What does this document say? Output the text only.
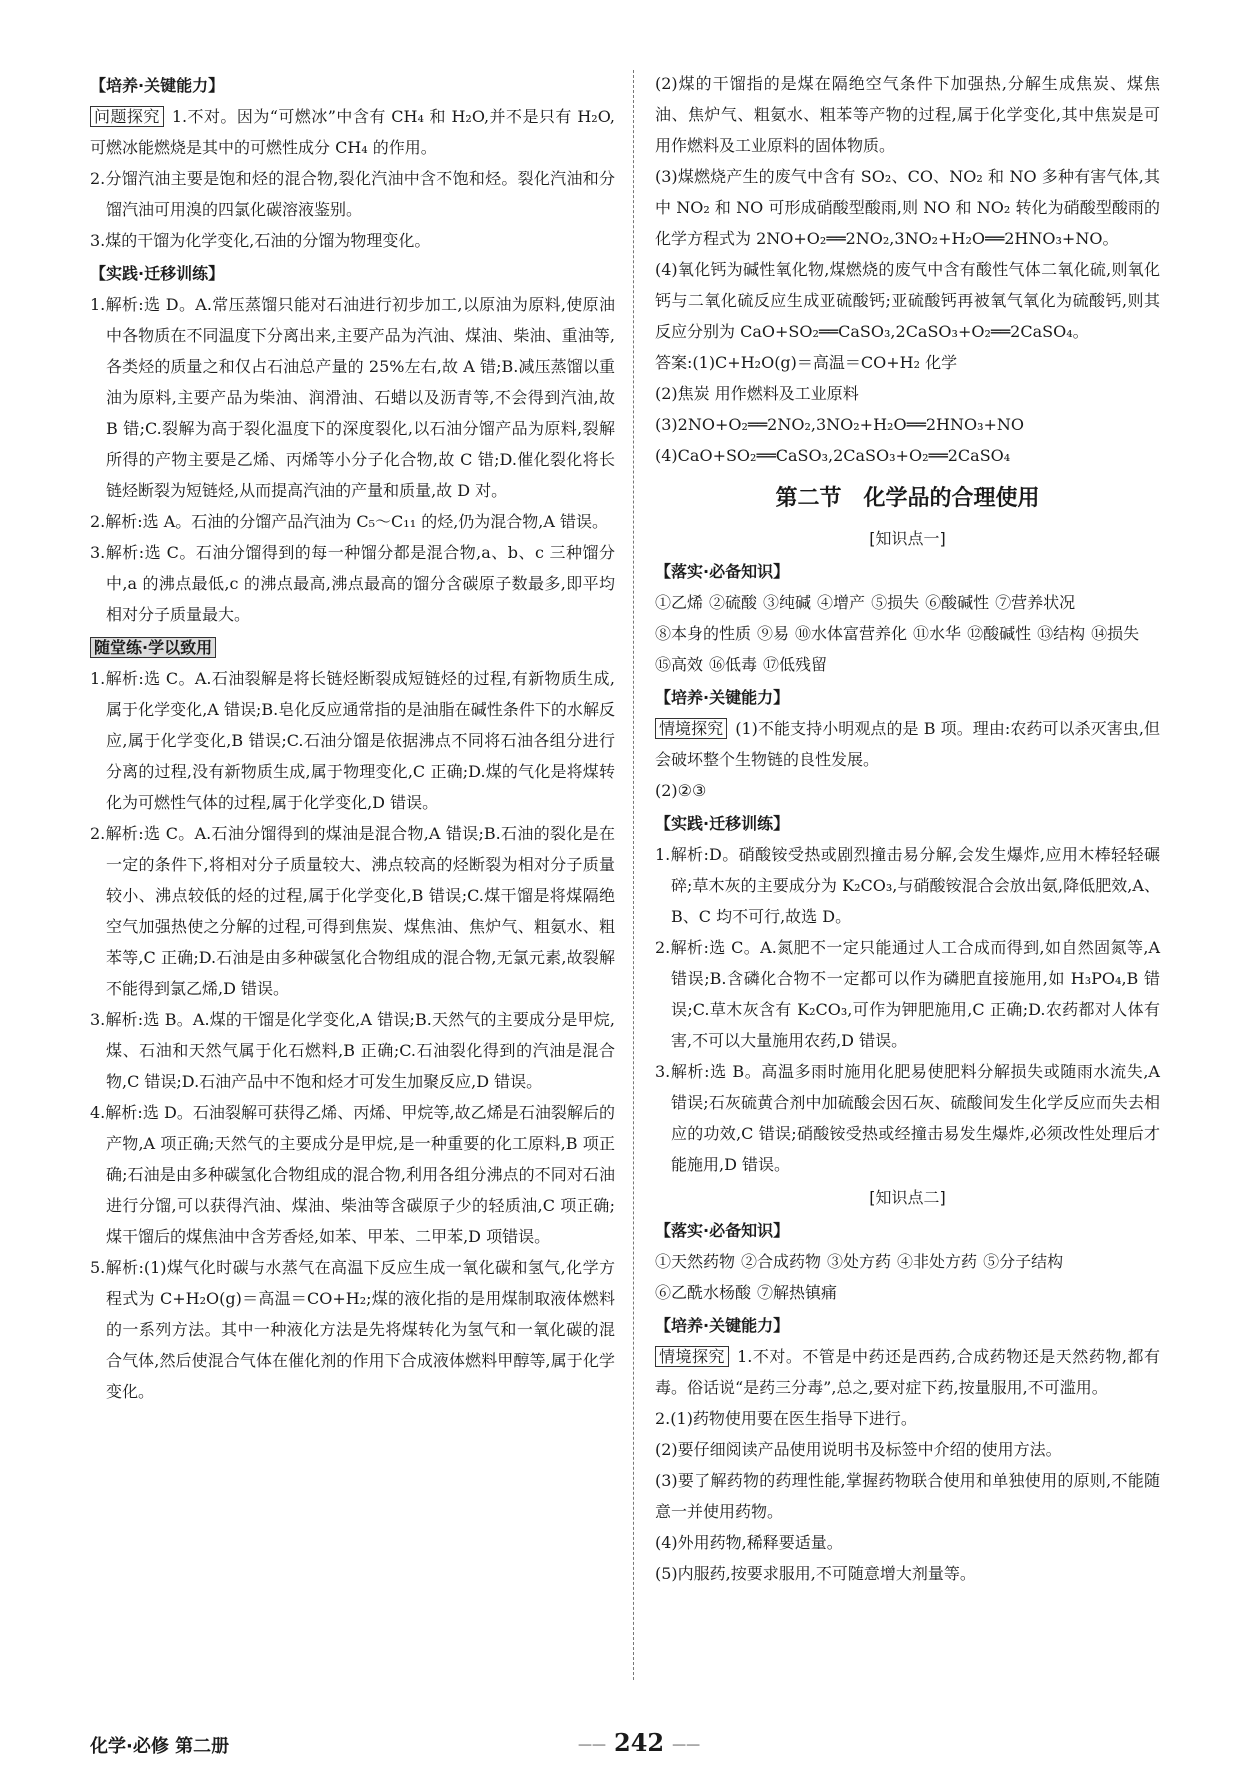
【培养·关键能力】

问题探究 1.不对。因为“可燃冰”中含有 CH₄ 和 H₂O,并不是只有 H₂O,可燃冰能燃烧是其中的可燃性成分 CH₄ 的作用。

2.分馏汽油主要是饱和烃的混合物,裂化汽油中含不饱和烃。裂化汽油和分馏汽油可用溴的四氯化碳溶液鉴别。

3.煤的干馏为化学变化,石油的分馏为物理变化。

【实践·迁移训练】

1.解析:选 D。A.常压蒸馏只能对石油进行初步加工,以原油为原料,使原油中各物质在不同温度下分离出来,主要产品为汽油、煤油、柴油、重油等,各类烃的质量之和仅占石油总产量的 25%左右,故 A 错;B.减压蒸馏以重油为原料,主要产品为柴油、润滑油、石蜡以及沥青等,不会得到汽油,故 B 错;C.裂解为高于裂化温度下的深度裂化,以石油分馏产品为原料,裂解所得的产物主要是乙烯、丙烯等小分子化合物,故 C 错;D.催化裂化将长链烃断裂为短链烃,从而提高汽油的产量和质量,故 D 对。

2.解析:选 A。石油的分馏产品汽油为 C₅～C₁₁ 的烃,仍为混合物,A 错误。

3.解析:选 C。石油分馏得到的每一种馏分都是混合物,a、b、c 三种馏分中,a 的沸点最低,c 的沸点最高,沸点最高的馏分含碳原子数最多,即平均相对分子质量最大。

随堂练·学以致用

1.解析:选 C。A.石油裂解是将长链烃断裂成短链烃的过程,有新物质生成,属于化学变化,A 错误;B.皂化反应通常指的是油脂在碱性条件下的水解反应,属于化学变化,B 错误;C.石油分馏是依据沸点不同将石油各组分进行分离的过程,没有新物质生成,属于物理变化,C 正确;D.煤的气化是将煤转化为可燃性气体的过程,属于化学变化,D 错误。

2.解析:选 C。A.石油分馏得到的煤油是混合物,A 错误;B.石油的裂化是在一定的条件下,将相对分子质量较大、沸点较高的烃断裂为相对分子质量较小、沸点较低的烃的过程,属于化学变化,B 错误;C.煤干馏是将煤隔绝空气加强热使之分解的过程,可得到焦炭、煤焦油、焦炉气、粗氨水、粗苯等,C 正确;D.石油是由多种碳氢化合物组成的混合物,无氯元素,故裂解不能得到氯乙烯,D 错误。

3.解析:选 B。A.煤的干馏是化学变化,A 错误;B.天然气的主要成分是甲烷,煤、石油和天然气属于化石燃料,B 正确;C.石油裂化得到的汽油是混合物,C 错误;D.石油产品中不饱和烃才可发生加聚反应,D 错误。

4.解析:选 D。石油裂解可获得乙烯、丙烯、甲烷等,故乙烯是石油裂解后的产物,A 项正确;天然气的主要成分是甲烷,是一种重要的化工原料,B 项正确;石油是由多种碳氢化合物组成的混合物,利用各组分沸点的不同对石油进行分馏,可以获得汽油、煤油、柴油等含碳原子少的轻质油,C 项正确;煤干馏后的煤焦油中含芳香烃,如苯、甲苯、二甲苯,D 项错误。

5.解析:(1)煤气化时碳与水蒸气在高温下反应生成一氧化碳和氢气,化学方程式为 C+H₂O(g)＝高温＝CO+H₂;煤的液化指的是用煤制取液体燃料的一系列方法。其中一种液化方法是先将煤转化为氢气和一氧化碳的混合气体,然后使混合气体在催化剂的作用下合成液体燃料甲醇等,属于化学变化。

(2)煤的干馏指的是煤在隔绝空气条件下加强热,分解生成焦炭、煤焦油、焦炉气、粗氨水、粗苯等产物的过程,属于化学变化,其中焦炭是可用作燃料及工业原料的固体物质。

(3)煤燃烧产生的废气中含有 SO₂、CO、NO₂ 和 NO 多种有害气体,其中 NO₂ 和 NO 可形成硝酸型酸雨,则 NO 和 NO₂ 转化为硝酸型酸雨的化学方程式为 2NO+O₂══2NO₂,3NO₂+H₂O══2HNO₃+NO。

(4)氧化钙为碱性氧化物,煤燃烧的废气中含有酸性气体二氧化硫,则氧化钙与二氧化硫反应生成亚硫酸钙;亚硫酸钙再被氧气氧化为硫酸钙,则其反应分别为 CaO+SO₂══CaSO₃,2CaSO₃+O₂══2CaSO₄。

答案:(1)C+H₂O(g)＝高温＝CO+H₂ 化学

(2)焦炭 用作燃料及工业原料

(3)2NO+O₂══2NO₂,3NO₂+H₂O══2HNO₃+NO

(4)CaO+SO₂══CaSO₃,2CaSO₃+O₂══2CaSO₄

第二节　化学品的合理使用

[知识点一]

【落实·必备知识】

①乙烯 ②硫酸 ③纯碱 ④增产 ⑤损失 ⑥酸碱性 ⑦营养状况⑧本身的性质 ⑨易 ⑩水体富营养化 ⑪水华 ⑫酸碱性 ⑬结构 ⑭损失⑮高效 ⑯低毒 ⑰低残留

【培养·关键能力】

情境探究 (1)不能支持小明观点的是 B 项。理由:农药可以杀灭害虫,但会破坏整个生物链的良性发展。

(2)②③

【实践·迁移训练】

1.解析:D。硝酸铵受热或剧烈撞击易分解,会发生爆炸,应用木棒轻轻碾碎;草木灰的主要成分为 K₂CO₃,与硝酸铵混合会放出氨,降低肥效,A、B、C 均不可行,故选 D。

2.解析:选 C。A.氮肥不一定只能通过人工合成而得到,如自然固氮等,A 错误;B.含磷化合物不一定都可以作为磷肥直接施用,如 H₃PO₄,B 错误;C.草木灰含有 K₂CO₃,可作为钾肥施用,C 正确;D.农药都对人体有害,不可以大量施用农药,D 错误。

3.解析:选 B。高温多雨时施用化肥易使肥料分解损失或随雨水流失,A 错误;石灰硫黄合剂中加硫酸会因石灰、硫酸间发生化学反应而失去相应的功效,C 错误;硝酸铵受热或经撞击易发生爆炸,必须改性处理后才能施用,D 错误。

[知识点二]

【落实·必备知识】

①天然药物 ②合成药物 ③处方药 ④非处方药 ⑤分子结构⑥乙酰水杨酸 ⑦解热镇痛

【培养·关键能力】

情境探究 1.不对。不管是中药还是西药,合成药物还是天然药物,都有毒。俗话说“是药三分毒”,总之,要对症下药,按量服用,不可滥用。

2.(1)药物使用要在医生指导下进行。

(2)要仔细阅读产品使用说明书及标签中介绍的使用方法。

(3)要了解药物的药理性能,掌握药物联合使用和单独使用的原则,不能随意一并使用药物。

(4)外用药物,稀释要适量。

(5)内服药,按要求服用,不可随意增大剂量等。

化学·必修 第二册
——	242 ——
